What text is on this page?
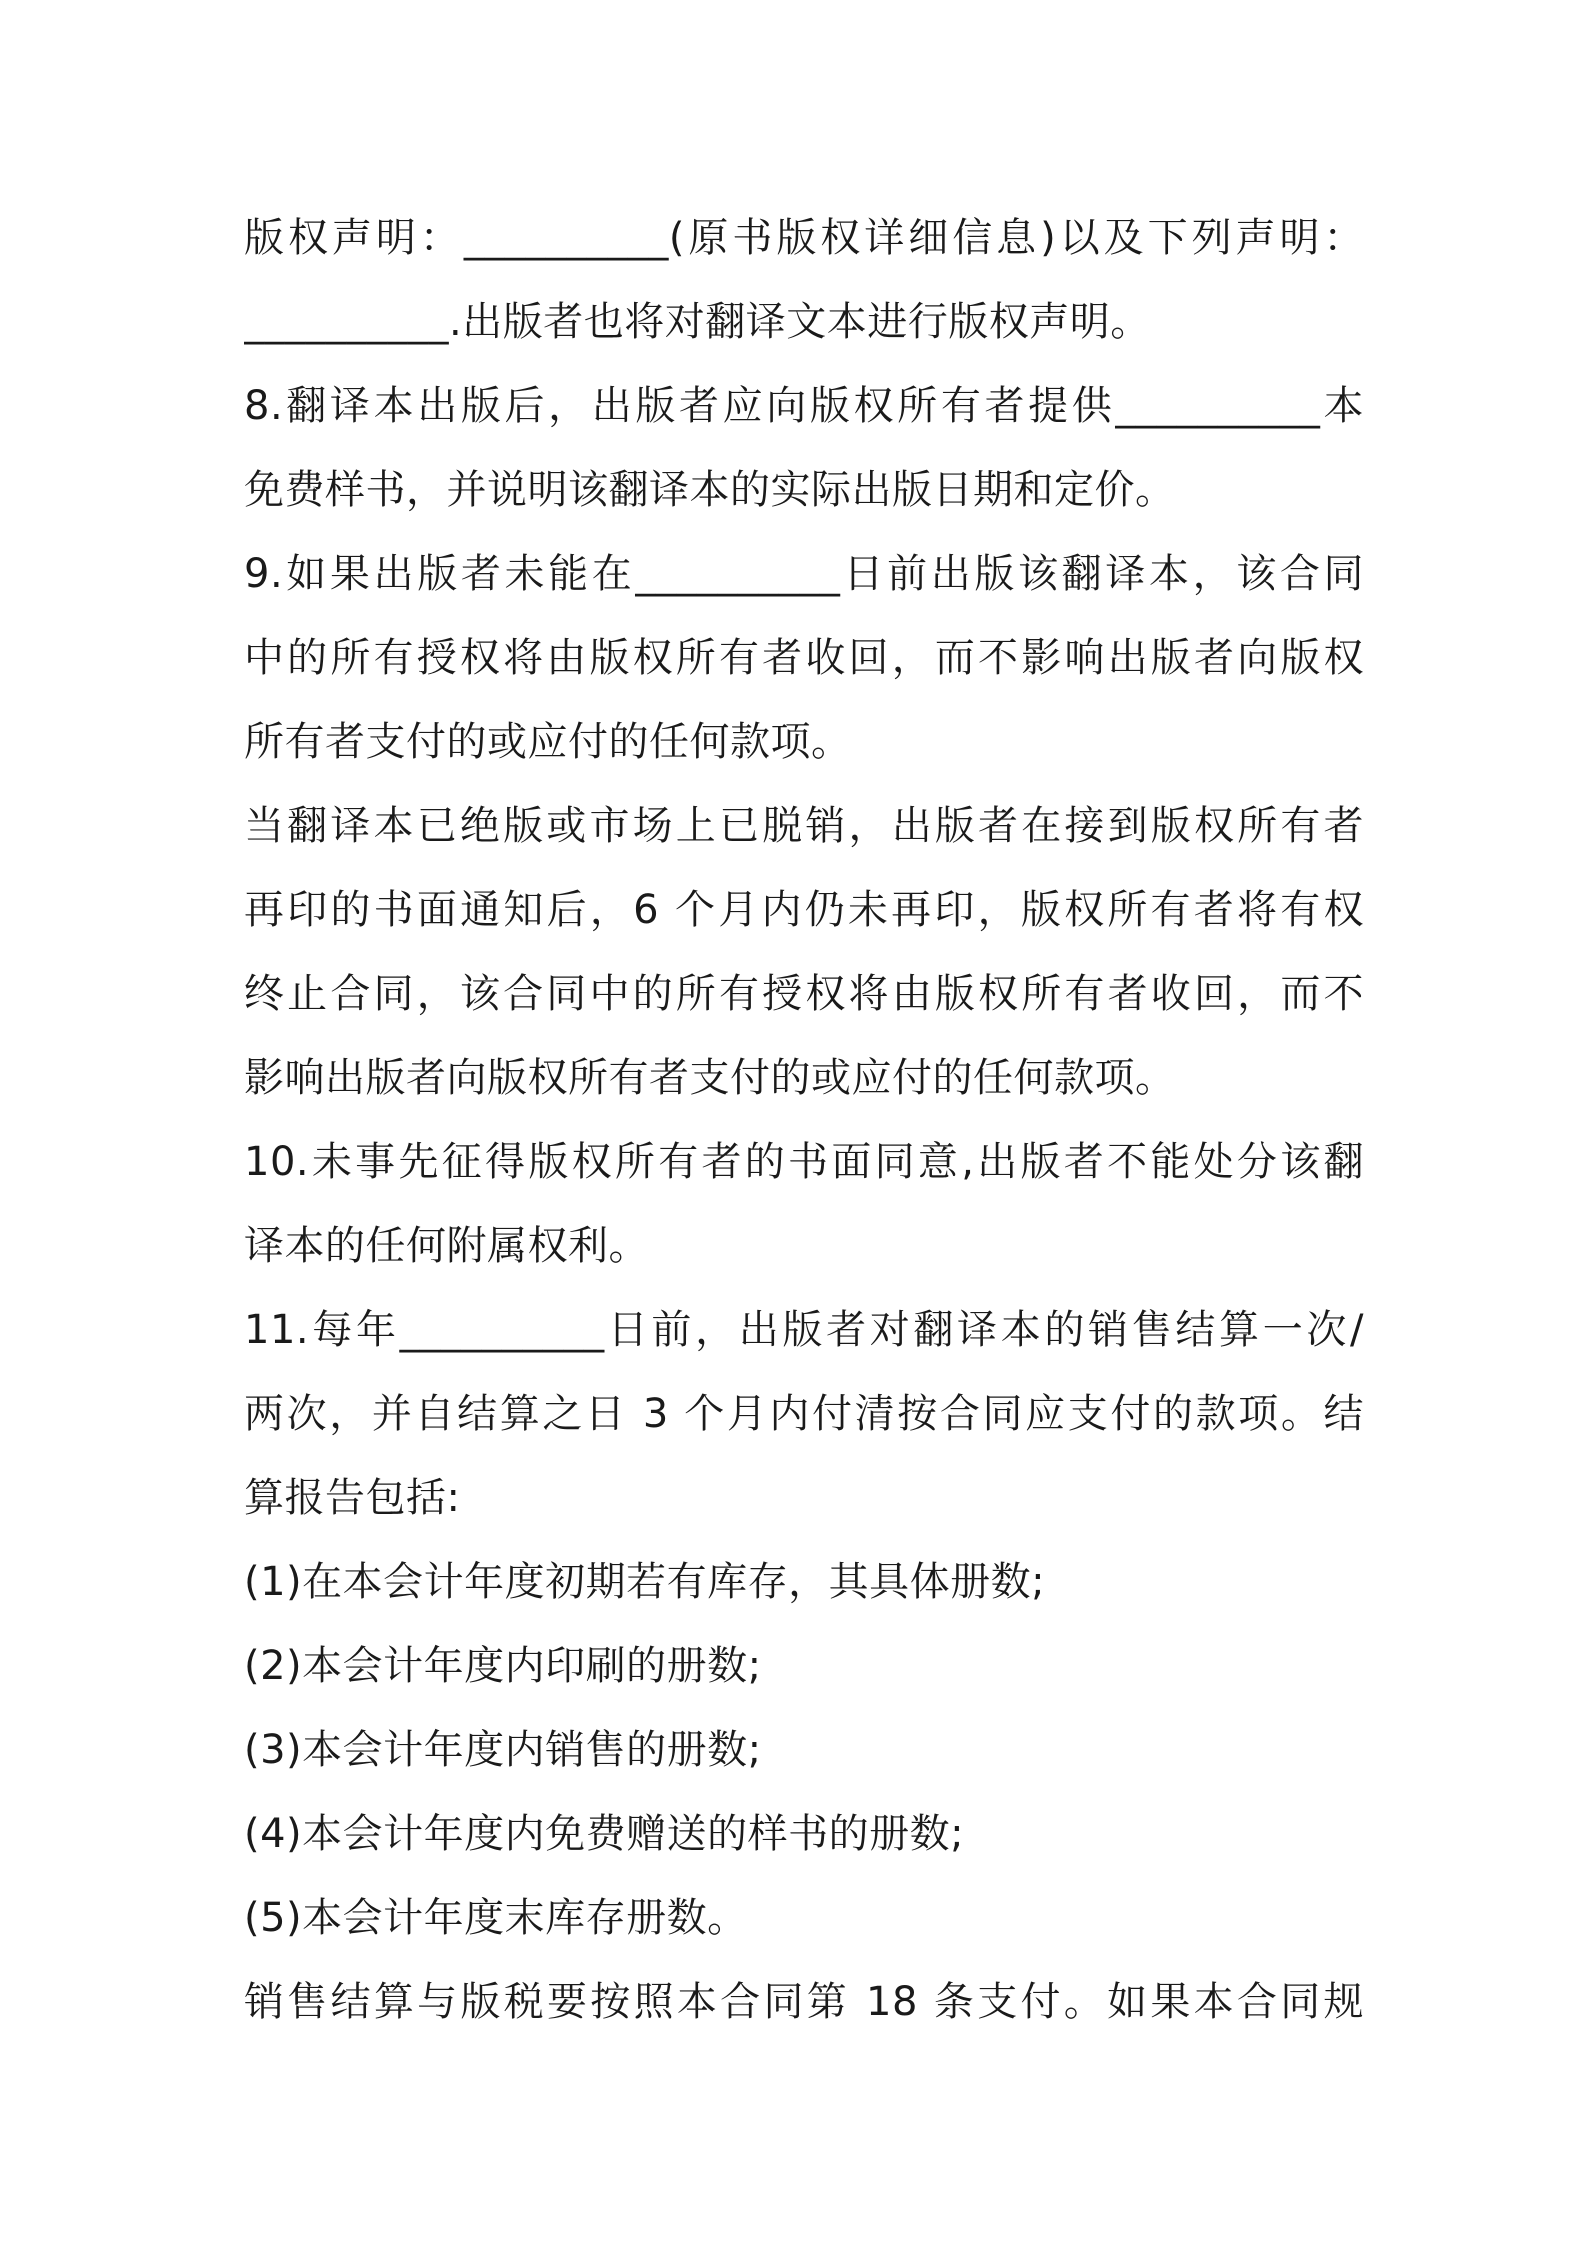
版权声明：__________(原书版权详细信息)以及下列声明：
__________.出版者也将对翻译文本进行版权声明。
8.翻译本出版后，出版者应向版权所有者提供__________本
免费样书，并说明该翻译本的实际出版日期和定价。
9.如果出版者未能在__________日前出版该翻译本，该合同
中的所有授权将由版权所有者收回，而不影响出版者向版权
所有者支付的或应付的任何款项。
当翻译本已绝版或市场上已脱销，出版者在接到版权所有者
再印的书面通知后，6 个月内仍未再印，版权所有者将有权
终止合同，该合同中的所有授权将由版权所有者收回，而不
影响出版者向版权所有者支付的或应付的任何款项。
10.未事先征得版权所有者的书面同意,出版者不能处分该翻
译本的任何附属权利。
11.每年__________日前，出版者对翻译本的销售结算一次/
两次，并自结算之日 3 个月内付清按合同应支付的款项。结
算报告包括:
(1)在本会计年度初期若有库存，其具体册数;
(2)本会计年度内印刷的册数;
(3)本会计年度内销售的册数;
(4)本会计年度内免费赠送的样书的册数;
(5)本会计年度末库存册数。
销售结算与版税要按照本合同第 18 条支付。如果本合同规
